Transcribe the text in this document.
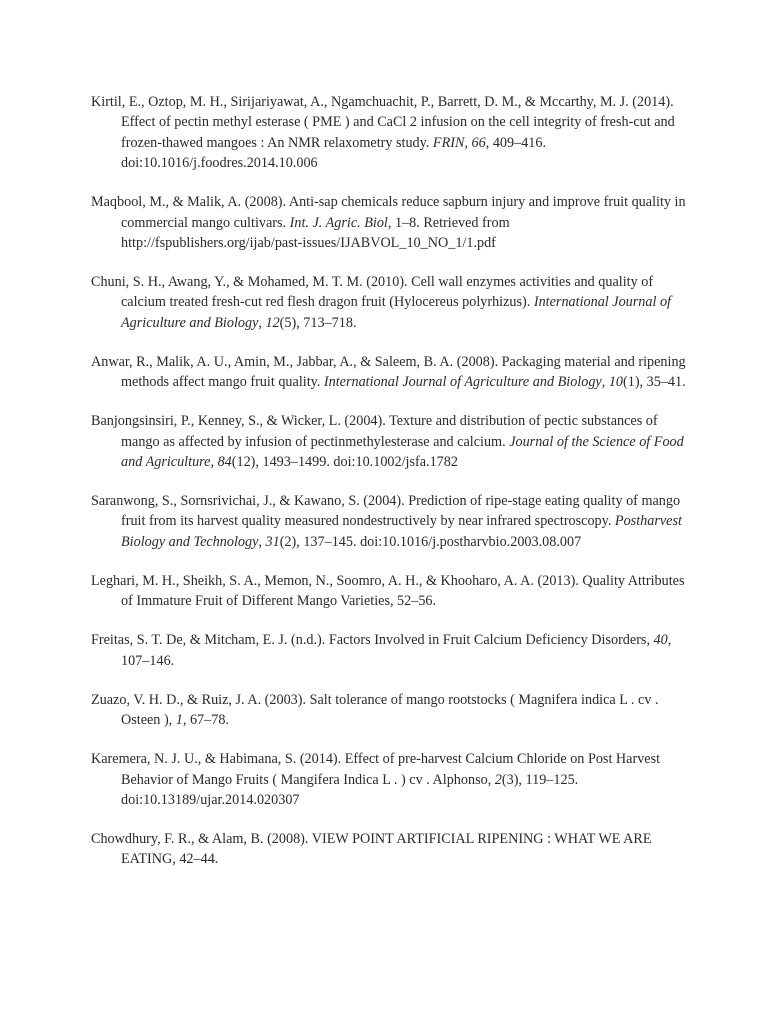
Kirtil, E., Oztop, M. H., Sirijariyawat, A., Ngamchuachit, P., Barrett, D. M., & Mccarthy, M. J. (2014). Effect of pectin methyl esterase ( PME ) and CaCl 2 infusion on the cell integrity of fresh-cut and frozen-thawed mangoes : An NMR relaxometry study. FRIN, 66, 409–416. doi:10.1016/j.foodres.2014.10.006
Maqbool, M., & Malik, A. (2008). Anti-sap chemicals reduce sapburn injury and improve fruit quality in commercial mango cultivars. Int. J. Agric. Biol, 1–8. Retrieved from http://fspublishers.org/ijab/past-issues/IJABVOL_10_NO_1/1.pdf
Chuni, S. H., Awang, Y., & Mohamed, M. T. M. (2010). Cell wall enzymes activities and quality of calcium treated fresh-cut red flesh dragon fruit (Hylocereus polyrhizus). International Journal of Agriculture and Biology, 12(5), 713–718.
Anwar, R., Malik, A. U., Amin, M., Jabbar, A., & Saleem, B. A. (2008). Packaging material and ripening methods affect mango fruit quality. International Journal of Agriculture and Biology, 10(1), 35–41.
Banjongsinsiri, P., Kenney, S., & Wicker, L. (2004). Texture and distribution of pectic substances of mango as affected by infusion of pectinmethylesterase and calcium. Journal of the Science of Food and Agriculture, 84(12), 1493–1499. doi:10.1002/jsfa.1782
Saranwong, S., Sornsrivichai, J., & Kawano, S. (2004). Prediction of ripe-stage eating quality of mango fruit from its harvest quality measured nondestructively by near infrared spectroscopy. Postharvest Biology and Technology, 31(2), 137–145. doi:10.1016/j.postharvbio.2003.08.007
Leghari, M. H., Sheikh, S. A., Memon, N., Soomro, A. H., & Khooharo, A. A. (2013). Quality Attributes of Immature Fruit of Different Mango Varieties, 52–56.
Freitas, S. T. De, & Mitcham, E. J. (n.d.). Factors Involved in Fruit Calcium Deficiency Disorders, 40, 107–146.
Zuazo, V. H. D., & Ruiz, J. A. (2003). Salt tolerance of mango rootstocks ( Magnifera indica L . cv . Osteen ), 1, 67–78.
Karemera, N. J. U., & Habimana, S. (2014). Effect of pre-harvest Calcium Chloride on Post Harvest Behavior of Mango Fruits ( Mangifera Indica L . ) cv . Alphonso, 2(3), 119–125. doi:10.13189/ujar.2014.020307
Chowdhury, F. R., & Alam, B. (2008). VIEW POINT ARTIFICIAL RIPENING : WHAT WE ARE EATING, 42–44.
